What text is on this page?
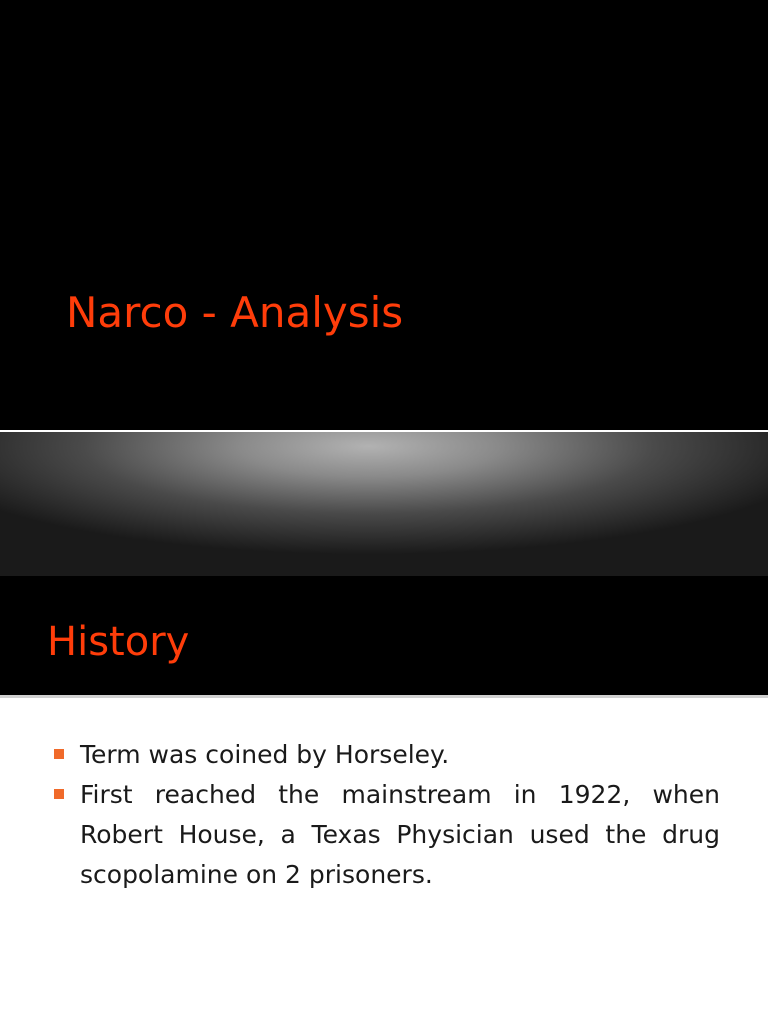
Narco - Analysis
History
Term was coined by Horseley.
First reached the mainstream in 1922, when Robert House, a Texas Physician used the drug scopolamine on 2 prisoners.
